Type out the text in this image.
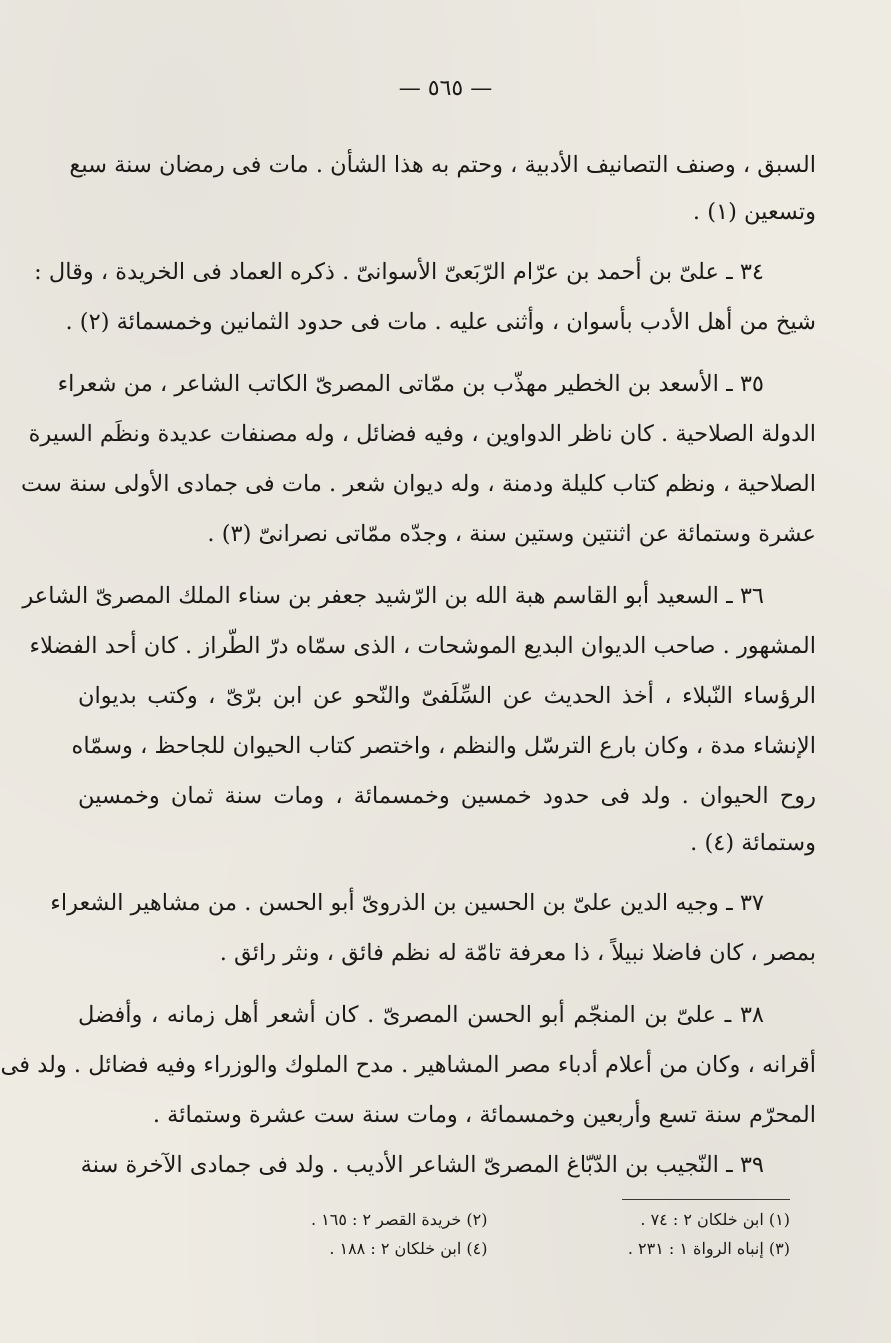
— ٥٦٥ —
السبق ، وصنف التصانيف الأدبية ، وحتم به هذا الشأن . مات فى رمضان سنة سبع
وتسعين (١) .
٣٤ ـ علىّ بن أحمد بن عرّام الرّبَعىّ الأسوانىّ . ذكره العماد فى الخريدة ، وقال :
شيخ من أهل الأدب بأسوان ، وأثنى عليه . مات فى حدود الثمانين وخمسمائة (٢) .
٣٥ ـ الأسعد بن الخطير مهذّب بن ممّاتى المصرىّ الكاتب الشاعر ، من شعراء
الدولة الصلاحية . كان ناظر الدواوين ، وفيه فضائل ، وله مصنفات عديدة ونظَم السيرة
الصلاحية ، ونظم كتاب كليلة ودمنة ، وله ديوان شعر . مات فى جمادى الأولى سنة ست
عشرة وستمائة عن اثنتين وستين سنة ، وجدّه ممّاتى نصرانىّ (٣) .
٣٦ ـ السعيد أبو القاسم هبة الله بن الرّشيد جعفر بن سناء الملك المصرىّ الشاعر
المشهور . صاحب الديوان البديع الموشحات ، الذى سمّاه درّ الطّراز . كان أحد الفضلاء
الرؤساء النّبلاء ، أخذ الحديث عن السِّلَفىّ والنّحو عن ابن برّىّ ، وكتب بديوان
الإنشاء مدة ، وكان بارع الترسّل والنظم ، واختصر كتاب الحيوان للجاحظ ، وسمّاه
روح الحيوان . ولد فى حدود خمسين وخمسمائة ، ومات سنة ثمان وخمسين
وستمائة (٤) .
٣٧ ـ وجيه الدين علىّ بن الحسين بن الذروىّ أبو الحسن . من مشاهير الشعراء
بمصر ، كان فاضلا نبيلاً ، ذا معرفة تامّة له نظم فائق ، ونثر رائق .
٣٨ ـ علىّ بن المنجّم أبو الحسن المصرىّ . كان أشعر أهل زمانه ، وأفضل
أقرانه ، وكان من أعلام أدباء مصر المشاهير . مدح الملوك والوزراء وفيه فضائل . ولد فى
المحرّم سنة تسع وأربعين وخمسمائة ، ومات سنة ست عشرة وستمائة .
٣٩ ـ النّجيب بن الدّبّاغ المصرىّ الشاعر الأديب . ولد فى جمادى الآخرة سنة
(١) ابن خلكان ٢ : ٧٤ .
(٢) خريدة القصر ٢ : ١٦٥ .
(٣) إنباه الرواة ١ : ٢٣١ .
(٤) ابن خلكان ٢ : ١٨٨ .
